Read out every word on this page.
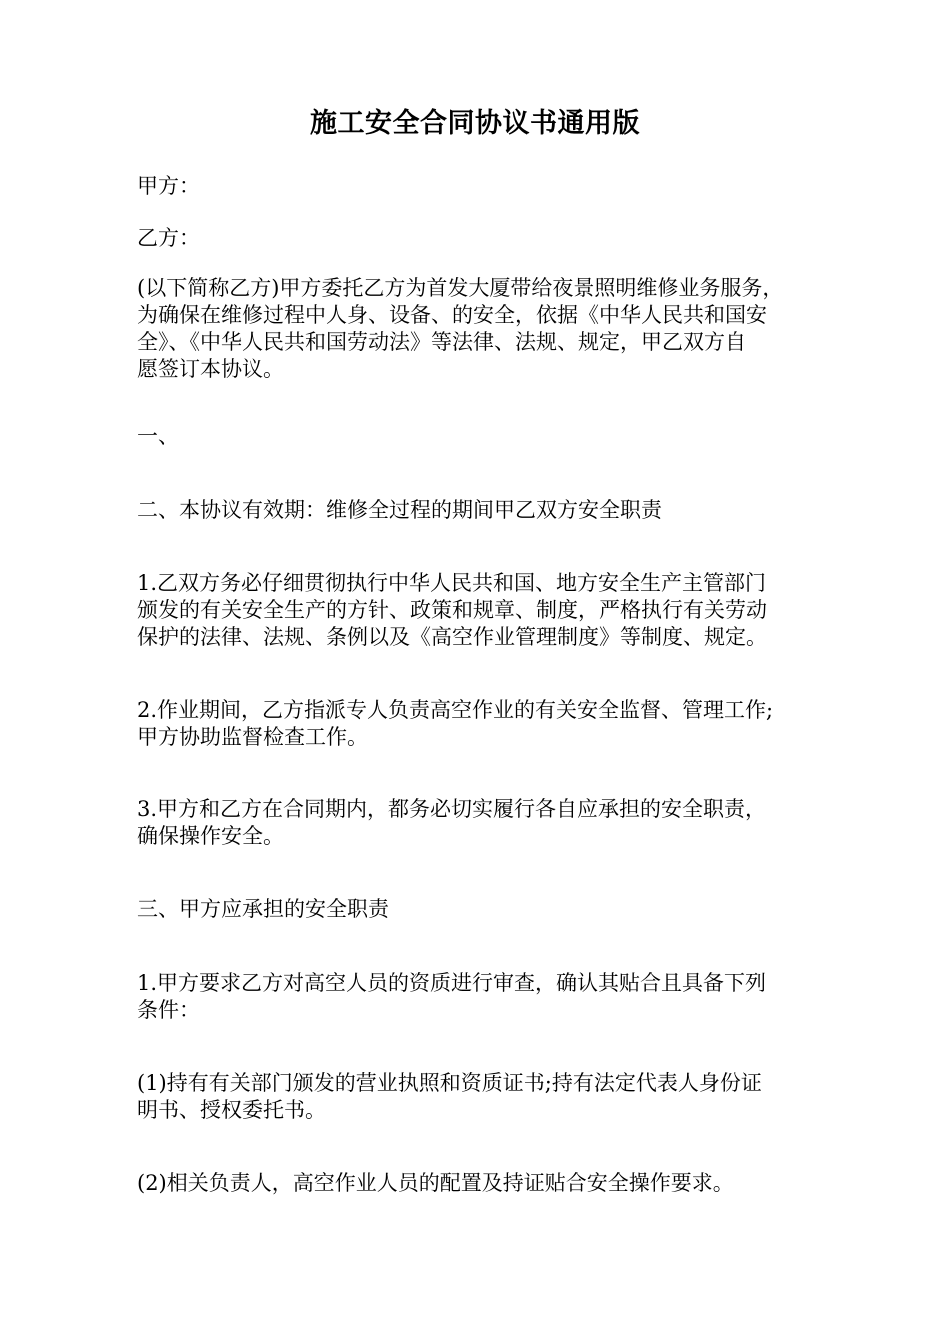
施工安全合同协议书通用版
甲方：
乙方：
(以下简称乙方)甲方委托乙方为首发大厦带给夜景照明维修业务服务，
为确保在维修过程中人身、设备、的安全，依据《中华人民共和国安
全》、《中华人民共和国劳动法》等法律、法规、规定，甲乙双方自
愿签订本协议。
一、
二、本协议有效期：维修全过程的期间甲乙双方安全职责
1.乙双方务必仔细贯彻执行中华人民共和国、地方安全生产主管部门
颁发的有关安全生产的方针、政策和规章、制度，严格执行有关劳动
保护的法律、法规、条例以及《高空作业管理制度》等制度、规定。
2.作业期间，乙方指派专人负责高空作业的有关安全监督、管理工作;
甲方协助监督检查工作。
3.甲方和乙方在合同期内，都务必切实履行各自应承担的安全职责，
确保操作安全。
三、甲方应承担的安全职责
1.甲方要求乙方对高空人员的资质进行审查，确认其贴合且具备下列
条件：
(1)持有有关部门颁发的营业执照和资质证书;持有法定代表人身份证
明书、授权委托书。
(2)相关负责人，高空作业人员的配置及持证贴合安全操作要求。
